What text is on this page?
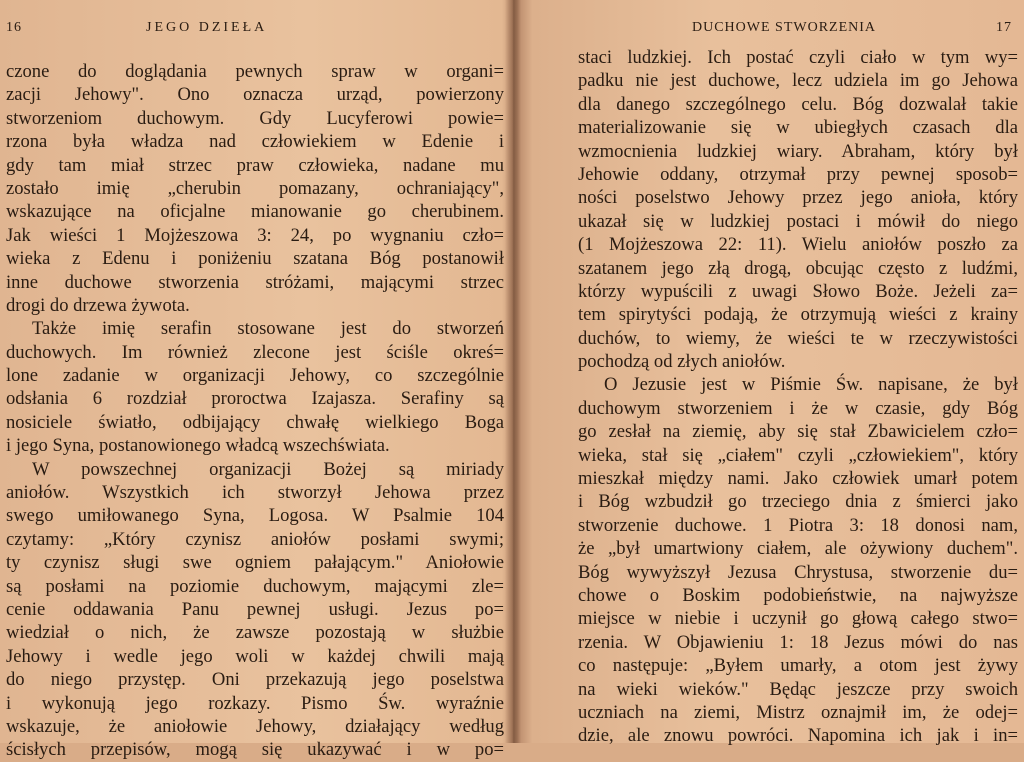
16	JEGO DZIEŁA
czone do doglądania pewnych spraw w organi=
zacji Jehowy". Ono oznacza urząd, powierzony
stworzeniom duchowym. Gdy Lucyferowi powie=
rzona była władza nad człowiekiem w Edenie i
gdy tam miał strzec praw człowieka, nadane mu
zostało imię „cherubin pomazany, ochraniający",
wskazujące na oficjalne mianowanie go cherubinem.
Jak wieści 1 Mojżeszowa 3: 24, po wygnaniu czło=
wieka z Edenu i poniżeniu szatana Bóg postanowił
inne duchowe stworzenia stróżami, mającymi strzec
drogi do drzewa żywota.
Także imię serafin stosowane jest do stworzeń
duchowych. Im również zlecone jest ściśle okreś=
lone zadanie w organizacji Jehowy, co szczególnie
odsłania 6 rozdział proroctwa Izajasza. Serafiny są
nosiciele światło, odbijający chwałę wielkiego Boga
i jego Syna, postanowionego władcą wszechświata.
W powszechnej organizacji Bożej są miriady
aniołów. Wszystkich ich stworzył Jehowa przez
swego umiłowanego Syna, Logosa. W Psalmie 104
czytamy: „Który czynisz aniołów posłami swymi;
ty czynisz sługi swe ogniem pałającym." Aniołowie
są posłami na poziomie duchowym, mającymi zle=
cenie oddawania Panu pewnej usługi. Jezus po=
wiedział o nich, że zawsze pozostają w służbie
Jehowy i wedle jego woli w każdej chwili mają
do niego przystęp. Oni przekazują jego poselstwa
i wykonują jego rozkazy. Pismo Św. wyraźnie
wskazuje, że aniołowie Jehowy, działający według
ścisłych przepisów, mogą się ukazywać i w po=
DUCHOWE STWORZENIA	17
staci ludzkiej. Ich postać czyli ciało w tym wy=
padku nie jest duchowe, lecz udziela im go Jehowa
dla danego szczególnego celu. Bóg dozwalał takie
materializowanie się w ubiegłych czasach dla
wzmocnienia ludzkiej wiary. Abraham, który był
Jehowie oddany, otrzymał przy pewnej sposob=
ności poselstwo Jehowy przez jego anioła, który
ukazał się w ludzkiej postaci i mówił do niego
(1 Mojżeszowa 22: 11). Wielu aniołów poszło za
szatanem jego złą drogą, obcując często z ludźmi,
którzy wypuścili z uwagi Słowo Boże. Jeżeli za=
tem spirytyści podają, że otrzymują wieści z krainy
duchów, to wiemy, że wieści te w rzeczywistości
pochodzą od złych aniołów.
O Jezusie jest w Piśmie Św. napisane, że był
duchowym stworzeniem i że w czasie, gdy Bóg
go zesłał na ziemię, aby się stał Zbawicielem czło=
wieka, stał się „ciałem" czyli „człowiekiem", który
mieszkał między nami. Jako człowiek umarł potem
i Bóg wzbudził go trzeciego dnia z śmierci jako
stworzenie duchowe. 1 Piotra 3: 18 donosi nam,
że „był umartwiony ciałem, ale ożywiony duchem".
Bóg wywyższył Jezusa Chrystusa, stworzenie du=
chowe o Boskim podobieństwie, na najwyższe
miejsce w niebie i uczynił go głową całego stwo=
rzenia. W Objawieniu 1: 18 Jezus mówi do nas
co następuje: „Byłem umarły, a otom jest żywy
na wieki wieków." Będąc jeszcze przy swoich
uczniach na ziemi, Mistrz oznajmił im, że odej=
dzie, ale znowu powróci. Napomina ich jak i in=
